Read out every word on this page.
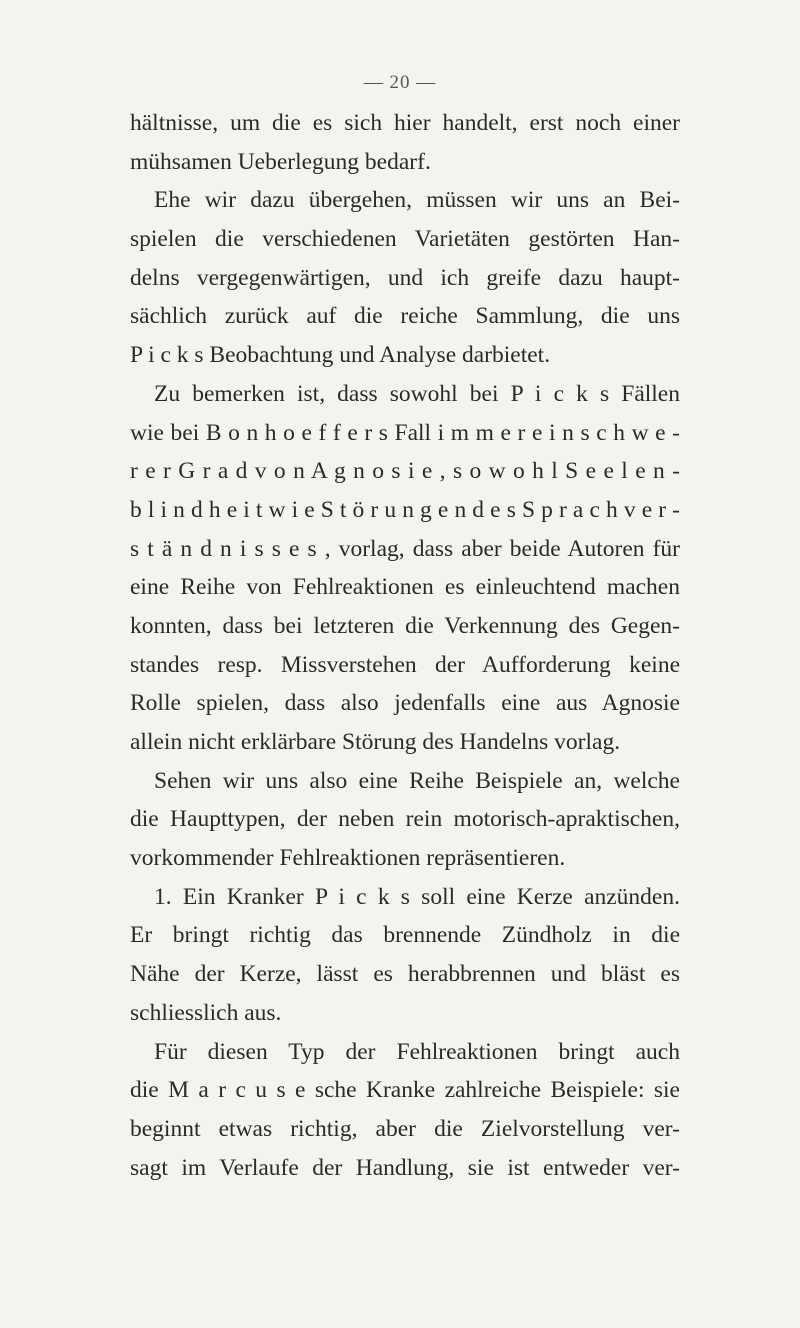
— 20 —
hältnisse, um die es sich hier handelt, erst noch einer
mühsamen Ueberlegung bedarf.
Ehe wir dazu übergehen, müssen wir uns an Bei-
spielen die verschiedenen Varietäten gestörten Han-
delns vergegenwärtigen, und ich greife dazu haupt-
sächlich zurück auf die reiche Sammlung, die uns
P i c k s Beobachtung und Analyse darbietet.
Zu bemerken ist, dass sowohl bei P i c k s Fällen
wie bei B o n h o e f f e r s Fall i m m e r e i n s c h w e -
r e r G r a d v o n A g n o s i e , s o w o h l S e e l e n -
b l i n d h e i t w i e S t ö r u n g e n d e s S p r a c h v e r -
s t ä n d n i s s e s , vorlag, dass aber beide Autoren für
eine Reihe von Fehlreaktionen es einleuchtend machen
konnten, dass bei letzteren die Verkennung des Gegen-
standes resp. Missverstehen der Aufforderung keine
Rolle spielen, dass also jedenfalls eine aus Agnosie
allein nicht erklärbare Störung des Handelns vorlag.
Sehen wir uns also eine Reihe Beispiele an, welche
die Haupttypen, der neben rein motorisch-apraktischen,
vorkommender Fehlreaktionen repräsentieren.
1. Ein Kranker P i c k s soll eine Kerze anzünden.
Er bringt richtig das brennende Zündholz in die
Nähe der Kerze, lässt es herabbrennen und bläst es
schliesslich aus.
Für diesen Typ der Fehlreaktionen bringt auch
die M a r c u s e sche Kranke zahlreiche Beispiele: sie
beginnt etwas richtig, aber die Zielvorstellung ver-
sagt im Verlaufe der Handlung, sie ist entweder ver-
